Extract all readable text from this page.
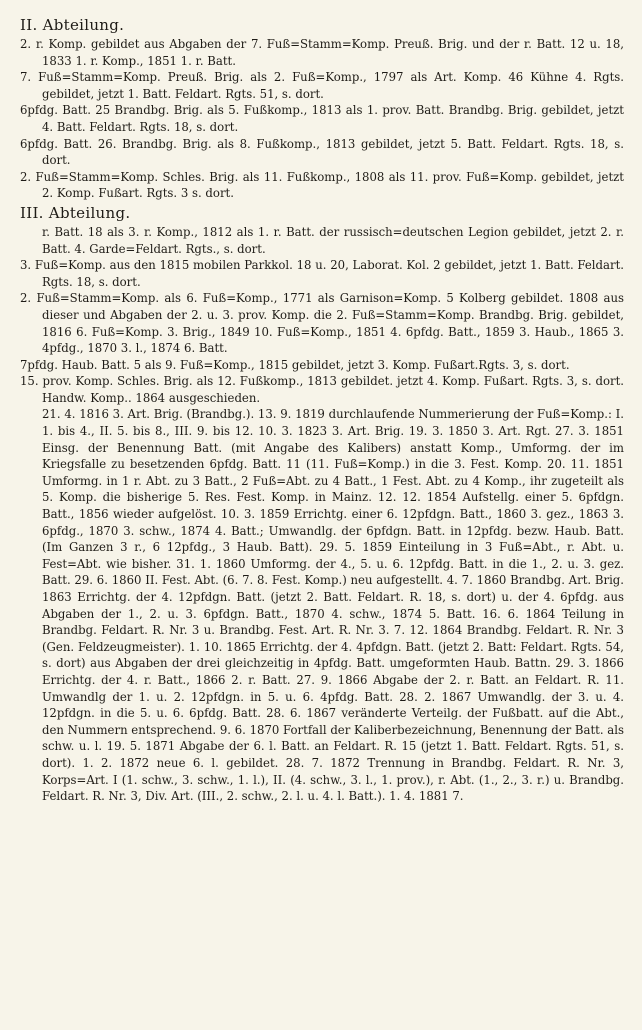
II. Abteilung.

2. r. Komp. gebildet aus Abgaben der 7. Fuß=Stamm=Komp. Preuß. Brig. und der r. Batt. 12 u. 18, 1833 1. r. Komp., 1851 1. r. Batt.

7. Fuß=Stamm=Komp. Preuß. Brig. als 2. Fuß=Komp., 1797 als Art. Komp. 46 Kühne 4. Rgts. gebildet, jetzt 1. Batt. Feldart. Rgts. 51, s. dort.

6pfdg. Batt. 25 Brandbg. Brig. als 5. Fußkomp., 1813 als 1. prov. Batt. Brandbg. Brig. gebildet, jetzt 4. Batt. Feldart. Rgts. 18, s. dort.

6pfdg. Batt. 26. Brandbg. Brig. als 8. Fußkomp., 1813 gebildet, jetzt 5. Batt. Feldart. Rgts. 18, s. dort.

2. Fuß=Stamm=Komp. Schles. Brig. als 11. Fußkomp., 1808 als 11. prov. Fuß=Komp. gebildet, jetzt 2. Komp. Fußart. Rgts. 3 s. dort.

III. Abteilung.

r. Batt. 18 als 3. r. Komp., 1812 als 1. r. Batt. der russisch=deutschen Legion gebildet, jetzt 2. r. Batt. 4. Garde=Feldart. Rgts., s. dort.

3. Fuß=Komp. aus den 1815 mobilen Parkkol. 18 u. 20, Laborat. Kol. 2 gebildet, jetzt 1. Batt. Feldart. Rgts. 18, s. dort.

2. Fuß=Stamm=Komp. als 6. Fuß=Komp., 1771 als Garnison=Komp. 5 Kolberg gebildet. 1808 aus dieser und Abgaben der 2. u. 3. prov. Komp. die 2. Fuß=Stamm=Komp. Brandbg. Brig. gebildet, 1816 6. Fuß=Komp. 3. Brig., 1849 10. Fuß=Komp., 1851 4. 6pfdg. Batt., 1859 3. Haub., 1865 3. 4pfdg., 1870 3. l., 1874 6. Batt.

7pfdg. Haub. Batt. 5 als 9. Fuß=Komp., 1815 gebildet, jetzt 3. Komp. Fußart.Rgts. 3, s. dort.

15. prov. Komp. Schles. Brig. als 12. Fußkomp., 1813 gebildet. jetzt 4. Komp. Fußart. Rgts. 3, s. dort. Handw. Komp.. 1864 ausgeschieden.

21. 4. 1816 3. Art. Brig. (Brandbg.). 13. 9. 1819 durchlaufende Nummerierung der Fuß=Komp.: I. 1. bis 4., II. 5. bis 8., III. 9. bis 12. 10. 3. 1823 3. Art. Brig. 19. 3. 1850 3. Art. Rgt. 27. 3. 1851 Einsg. der Benennung Batt. (mit Angabe des Kalibers) anstatt Komp., Umformg. der im Kriegsfalle zu besetzenden 6pfdg. Batt. 11 (11. Fuß=Komp.) in die 3. Fest. Komp. 20. 11. 1851 Umformg. in 1 r. Abt. zu 3 Batt., 2 Fuß=Abt. zu 4 Batt., 1 Fest. Abt. zu 4 Komp., ihr zugeteilt als 5. Komp. die bisherige 5. Res. Fest. Komp. in Mainz. 12. 12. 1854 Aufstellg. einer 5. 6pfdgn. Batt., 1856 wieder aufgelöst. 10. 3. 1859 Errichtg. einer 6. 12pfdgn. Batt., 1860 3. gez., 1863 3. 6pfdg., 1870 3. schw., 1874 4. Batt.; Umwandlg. der 6pfdgn. Batt. in 12pfdg. bezw. Haub. Batt. (Im Ganzen 3 r., 6 12pfdg., 3 Haub. Batt). 29. 5. 1859 Einteilung in 3 Fuß=Abt., r. Abt. u. Fest=Abt. wie bisher. 31. 1. 1860 Umformg. der 4., 5. u. 6. 12pfdg. Batt. in die 1., 2. u. 3. gez. Batt. 29. 6. 1860 II. Fest. Abt. (6. 7. 8. Fest. Komp.) neu aufgestellt. 4. 7. 1860 Brandbg. Art. Brig. 1863 Errichtg. der 4. 12pfdgn. Batt. (jetzt 2. Batt. Feldart. R. 18, s. dort) u. der 4. 6pfdg. aus Abgaben der 1., 2. u. 3. 6pfdgn. Batt., 1870 4. schw., 1874 5. Batt. 16. 6. 1864 Teilung in Brandbg. Feldart. R. Nr. 3 u. Brandbg. Fest. Art. R. Nr. 3. 7. 12. 1864 Brandbg. Feldart. R. Nr. 3 (Gen. Feldzeugmeister). 1. 10. 1865 Errichtg. der 4. 4pfdgn. Batt. (jetzt 2. Batt: Feldart. Rgts. 54, s. dort) aus Abgaben der drei gleichzeitig in 4pfdg. Batt. umgeformten Haub. Battn. 29. 3. 1866 Errichtg. der 4. r. Batt., 1866 2. r. Batt. 27. 9. 1866 Abgabe der 2. r. Batt. an Feldart. R. 11. Umwandlg der 1. u. 2. 12pfdgn. in 5. u. 6. 4pfdg. Batt. 28. 2. 1867 Umwandlg. der 3. u. 4. 12pfdgn. in die 5. u. 6. 6pfdg. Batt. 28. 6. 1867 veränderte Verteilg. der Fußbatt. auf die Abt., den Nummern entsprechend. 9. 6. 1870 Fortfall der Kaliberbezeichnung, Benennung der Batt. als schw. u. l. 19. 5. 1871 Abgabe der 6. l. Batt. an Feldart. R. 15 (jetzt 1. Batt. Feldart. Rgts. 51, s. dort). 1. 2. 1872 neue 6. l. gebildet. 28. 7. 1872 Trennung in Brandbg. Feldart. R. Nr. 3, Korps=Art. I (1. schw., 3. schw., 1. l.), II. (4. schw., 3. l., 1. prov.), r. Abt. (1., 2., 3. r.) u. Brandbg. Feldart. R. Nr. 3, Div. Art. (III., 2. schw., 2. l. u. 4. l. Batt.). 1. 4. 1881 7.
